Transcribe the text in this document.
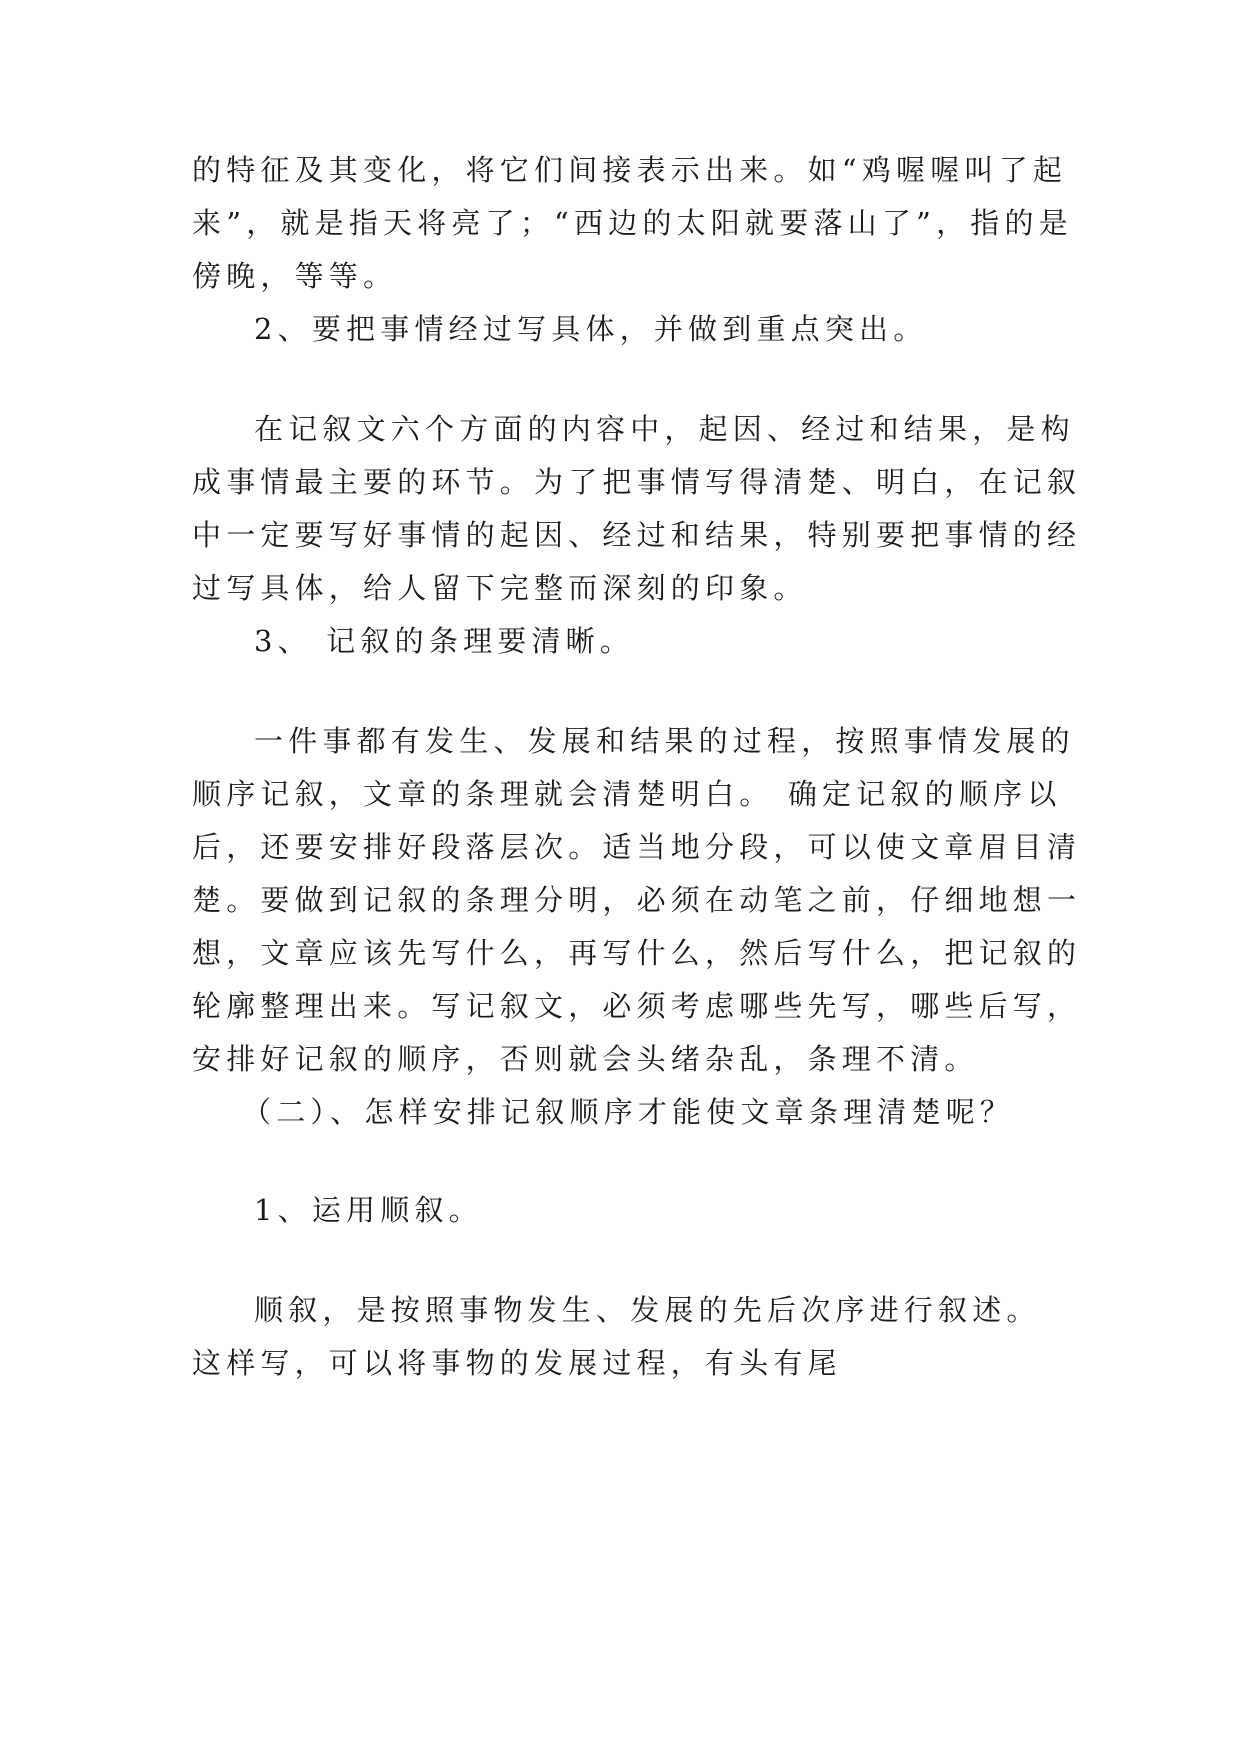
的特征及其变化，将它们间接表示出来。如“鸡喔喔叫了起
来”，就是指天将亮了；“西边的太阳就要落山了”，指的是
傍晚，等等。
2、要把事情经过写具体，并做到重点突出。
在记叙文六个方面的内容中，起因、经过和结果，是构
成事情最主要的环节。为了把事情写得清楚、明白，在记叙
中一定要写好事情的起因、经过和结果，特别要把事情的经
过写具体，给人留下完整而深刻的印象。
3、 记叙的条理要清晰。
一件事都有发生、发展和结果的过程，按照事情发展的
顺序记叙，文章的条理就会清楚明白。 确定记叙的顺序以
后，还要安排好段落层次。适当地分段，可以使文章眉目清
楚。要做到记叙的条理分明，必须在动笔之前，仔细地想一
想，文章应该先写什么，再写什么，然后写什么，把记叙的
轮廓整理出来。写记叙文，必须考虑哪些先写，哪些后写，
安排好记叙的顺序，否则就会头绪杂乱，条理不清。
（二）、怎样安排记叙顺序才能使文章条理清楚呢？
1、运用顺叙。
顺叙，是按照事物发生、发展的先后次序进行叙述。
这样写，可以将事物的发展过程，有头有尾
